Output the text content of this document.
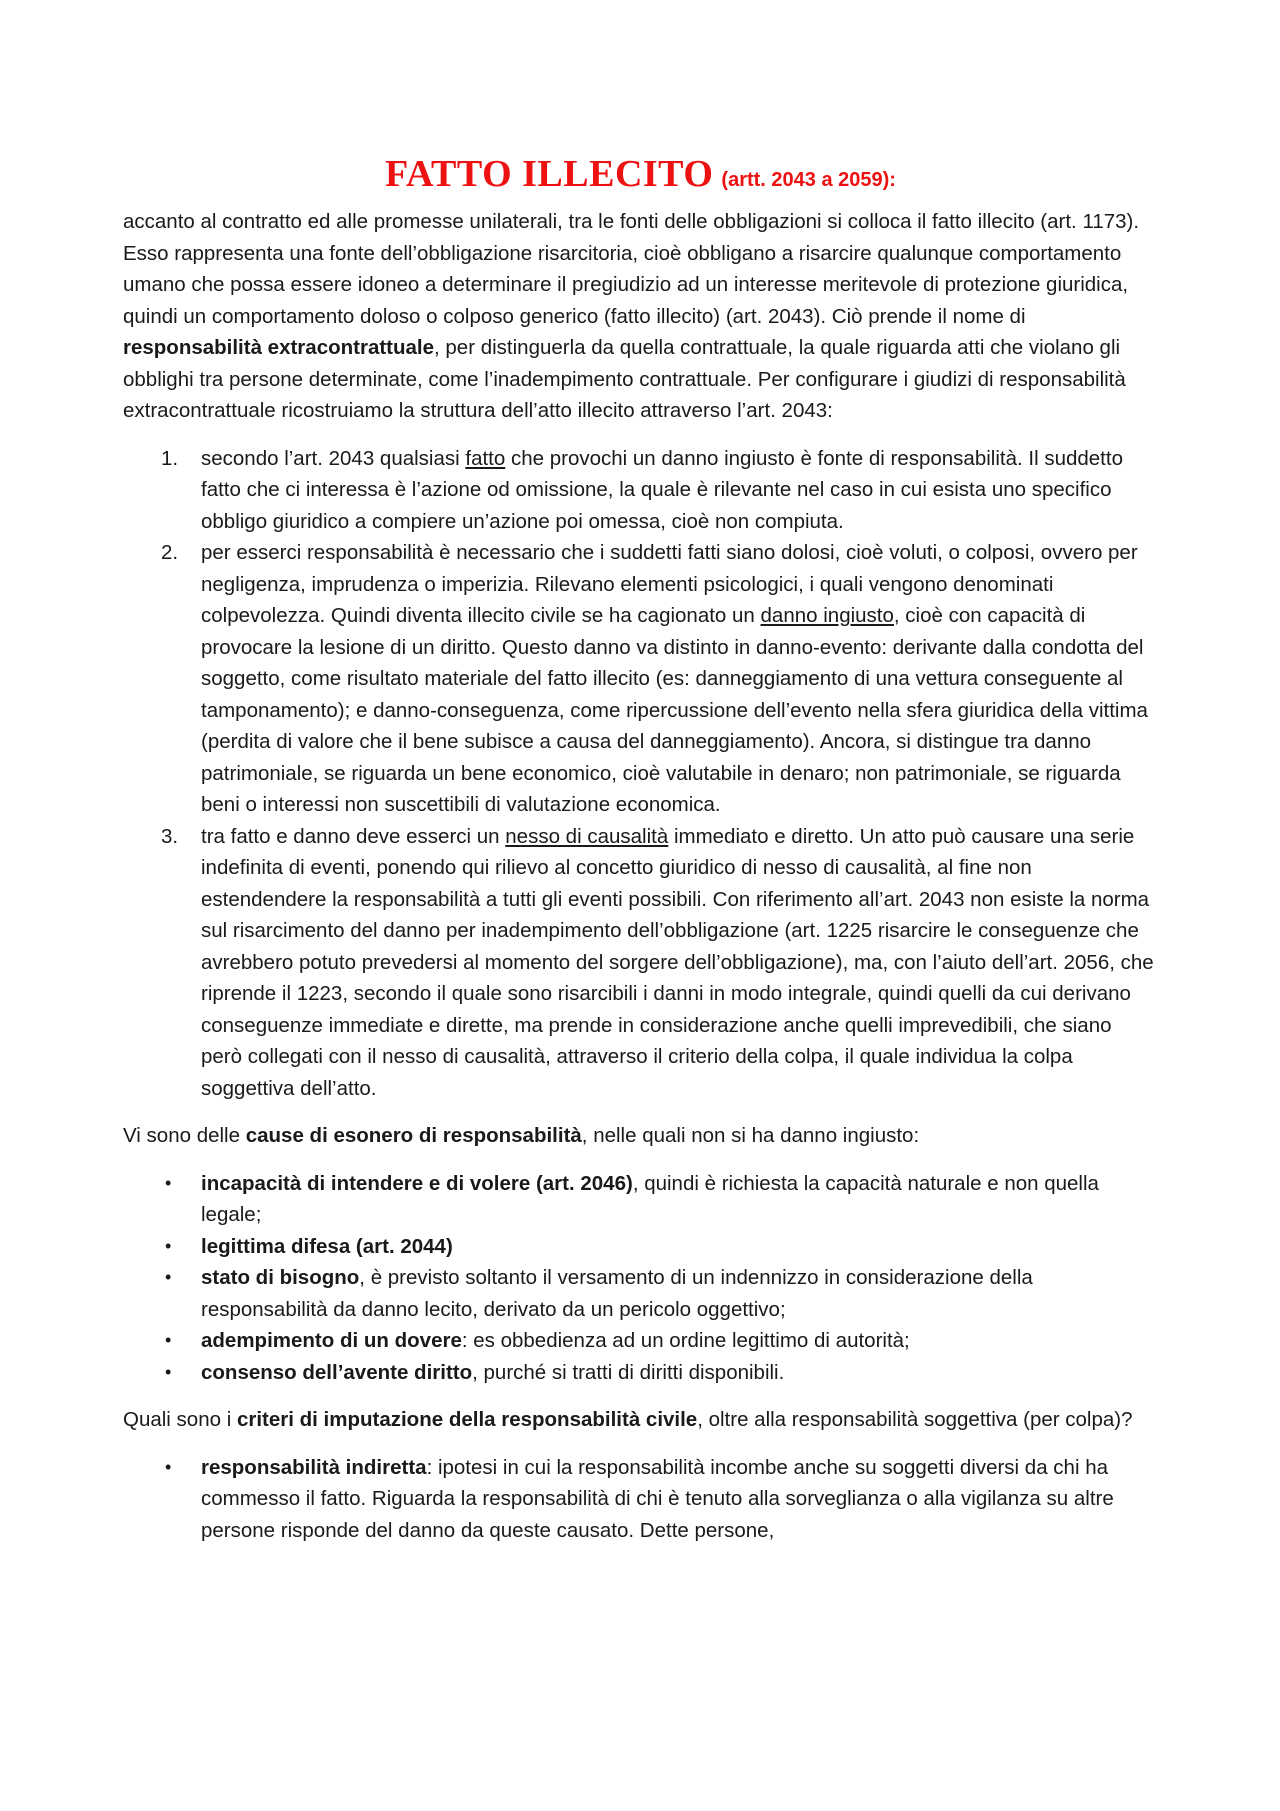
FATTO ILLECITO (artt. 2043 a 2059):

accanto al contratto ed alle promesse unilaterali, tra le fonti delle obbligazioni si colloca il fatto illecito (art. 1173). Esso rappresenta una fonte dell’obbligazione risarcitoria, cioè obbligano a risarcire qualunque comportamento umano che possa essere idoneo a determinare il pregiudizio ad un interesse meritevole di protezione giuridica, quindi un comportamento doloso o colposo generico (fatto illecito) (art. 2043). Ciò prende il nome di responsabilità extracontrattuale, per distinguerla da quella contrattuale, la quale riguarda atti che violano gli obblighi tra persone determinate, come l’inadempimento contrattuale. Per configurare i giudizi di responsabilità extracontrattuale ricostruiamo la struttura dell’atto illecito attraverso l’art. 2043:

1. secondo l’art. 2043 qualsiasi fatto che provochi un danno ingiusto è fonte di responsabilità. Il suddetto fatto che ci interessa è l’azione od omissione, la quale è rilevante nel caso in cui esista uno specifico obbligo giuridico a compiere un’azione poi omessa, cioè non compiuta.
2. per esserci responsabilità è necessario che i suddetti fatti siano dolosi, cioè voluti, o colposi, ovvero per negligenza, imprudenza o imperizia. Rilevano elementi psicologici, i quali vengono denominati colpevolezza. Quindi diventa illecito civile se ha cagionato un danno ingiusto, cioè con capacità di provocare la lesione di un diritto. Questo danno va distinto in danno-evento: derivante dalla condotta del soggetto, come risultato materiale del fatto illecito (es: danneggiamento di una vettura conseguente al tamponamento); e danno-conseguenza, come ripercussione dell’evento nella sfera giuridica della vittima (perdita di valore che il bene subisce a causa del danneggiamento). Ancora, si distingue tra danno patrimoniale, se riguarda un bene economico, cioè valutabile in denaro; non patrimoniale, se riguarda beni o interessi non suscettibili di valutazione economica.
3. tra fatto e danno deve esserci un nesso di causalità immediato e diretto. Un atto può causare una serie indefinita di eventi, ponendo qui rilievo al concetto giuridico di nesso di causalità, al fine non estendendere la responsabilità a tutti gli eventi possibili. Con riferimento all’art. 2043 non esiste la norma sul risarcimento del danno per inadempimento dell’obbligazione (art. 1225 risarcire le conseguenze che avrebbero potuto prevedersi al momento del sorgere dell’obbligazione), ma, con l’aiuto dell’art. 2056, che riprende il 1223, secondo il quale sono risarcibili i danni in modo integrale, quindi quelli da cui derivano conseguenze immediate e dirette, ma prende in considerazione anche quelli imprevedibili, che siano però collegati con il nesso di causalità, attraverso il criterio della colpa, il quale individua la colpa soggettiva dell’atto.

Vi sono delle cause di esonero di responsabilità, nelle quali non si ha danno ingiusto:

• incapacità di intendere e di volere (art. 2046), quindi è richiesta la capacità naturale e non quella legale;
• legittima difesa (art. 2044)
• stato di bisogno, è previsto soltanto il versamento di un indennizzo in considerazione della responsabilità da danno lecito, derivato da un pericolo oggettivo;
• adempimento di un dovere: es obbedienza ad un ordine legittimo di autorità;
• consenso dell’avente diritto, purché si tratti di diritti disponibili.

Quali sono i criteri di imputazione della responsabilità civile, oltre alla responsabilità soggettiva (per colpa)?

• responsabilità indiretta: ipotesi in cui la responsabilità incombe anche su soggetti diversi da chi ha commesso il fatto. Riguarda la responsabilità di chi è tenuto alla sorveglianza o alla vigilanza su altre persone risponde del danno da queste causato. Dette persone,
